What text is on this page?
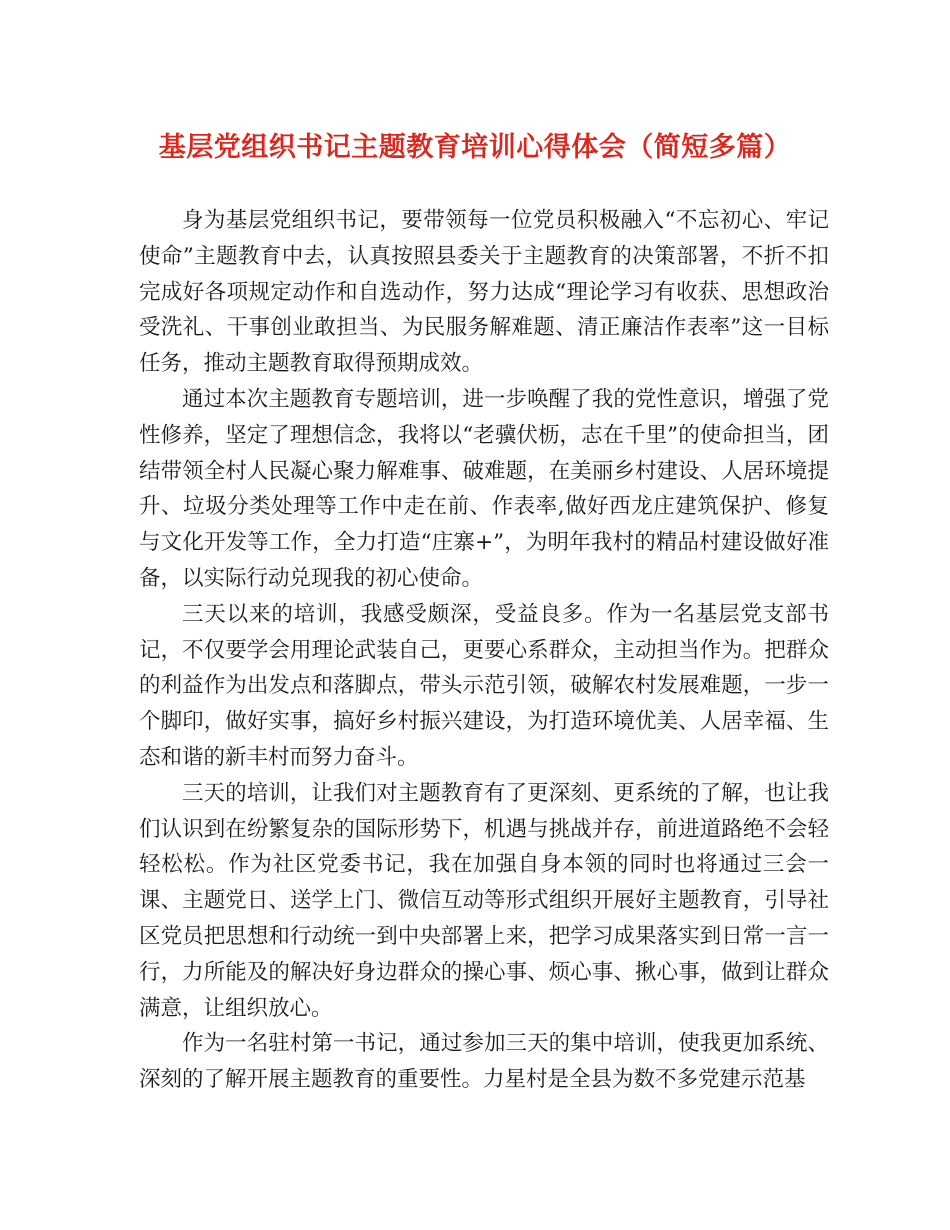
基层党组织书记主题教育培训心得体会（简短多篇）

身为基层党组织书记，要带领每一位党员积极融入“不忘初心、牢记使命”主题教育中去，认真按照县委关于主题教育的决策部署，不折不扣完成好各项规定动作和自选动作，努力达成“理论学习有收获、思想政治受洗礼、干事创业敢担当、为民服务解难题、清正廉洁作表率”这一目标任务，推动主题教育取得预期成效。

通过本次主题教育专题培训，进一步唤醒了我的党性意识，增强了党性修养，坚定了理想信念，我将以“老骥伏枥，志在千里”的使命担当，团结带领全村人民凝心聚力解难事、破难题，在美丽乡村建设、人居环境提升、垃圾分类处理等工作中走在前、作表率,做好西龙庄建筑保护、修复与文化开发等工作，全力打造“庄寨+”，为明年我村的精品村建设做好准备，以实际行动兑现我的初心使命。

三天以来的培训，我感受颇深，受益良多。作为一名基层党支部书记，不仅要学会用理论武装自己，更要心系群众，主动担当作为。把群众的利益作为出发点和落脚点，带头示范引领，破解农村发展难题，一步一个脚印，做好实事，搞好乡村振兴建设，为打造环境优美、人居幸福、生态和谐的新丰村而努力奋斗。

三天的培训，让我们对主题教育有了更深刻、更系统的了解，也让我们认识到在纷繁复杂的国际形势下，机遇与挑战并存，前进道路绝不会轻轻松松。作为社区党委书记，我在加强自身本领的同时也将通过三会一课、主题党日、送学上门、微信互动等形式组织开展好主题教育，引导社区党员把思想和行动统一到中央部署上来，把学习成果落实到日常一言一行，力所能及的解决好身边群众的操心事、烦心事、揪心事，做到让群众满意，让组织放心。

作为一名驻村第一书记，通过参加三天的集中培训，使我更加系统、深刻的了解开展主题教育的重要性。力星村是全县为数不多党建示范基
